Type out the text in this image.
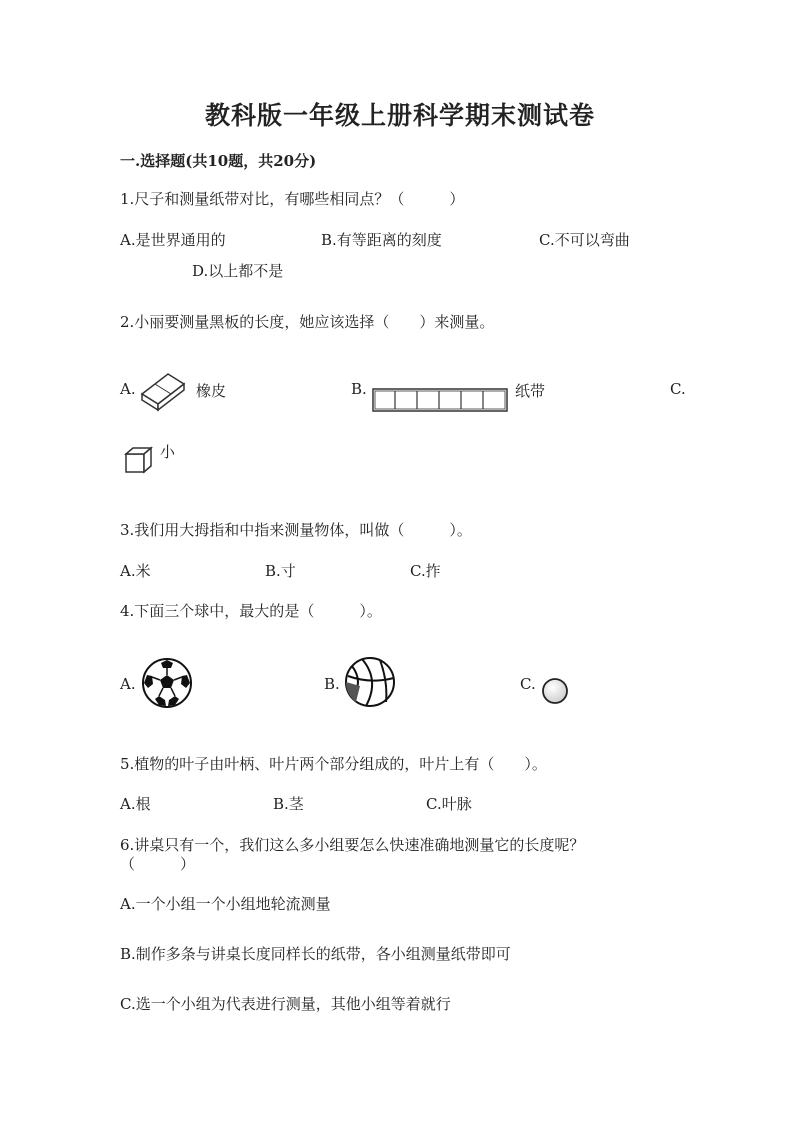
教科版一年级上册科学期末测试卷
一.选择题(共10题，共20分)
1.尺子和测量纸带对比，有哪些相同点？（　　　）
A.是世界通用的	B.有等距离的刻度	C.不可以弯曲
D.以上都不是
2.小丽要测量黑板的长度，她应该选择（　　）来测量。
A.	橡皮	B.	纸带	C.
小
3.我们用大拇指和中指来测量物体，叫做（　　　）。
A.米	B.寸	C.拃
4.下面三个球中，最大的是（　　　）。
A.	B.	C.
5.植物的叶子由叶柄、叶片两个部分组成的，叶片上有（　　）。
A.根	B.茎	C.叶脉
6.讲桌只有一个，我们这么多小组要怎么快速准确地测量它的长度呢？
（　　　）
A.一个小组一个小组地轮流测量
B.制作多条与讲桌长度同样长的纸带，各小组测量纸带即可
C.选一个小组为代表进行测量，其他小组等着就行
